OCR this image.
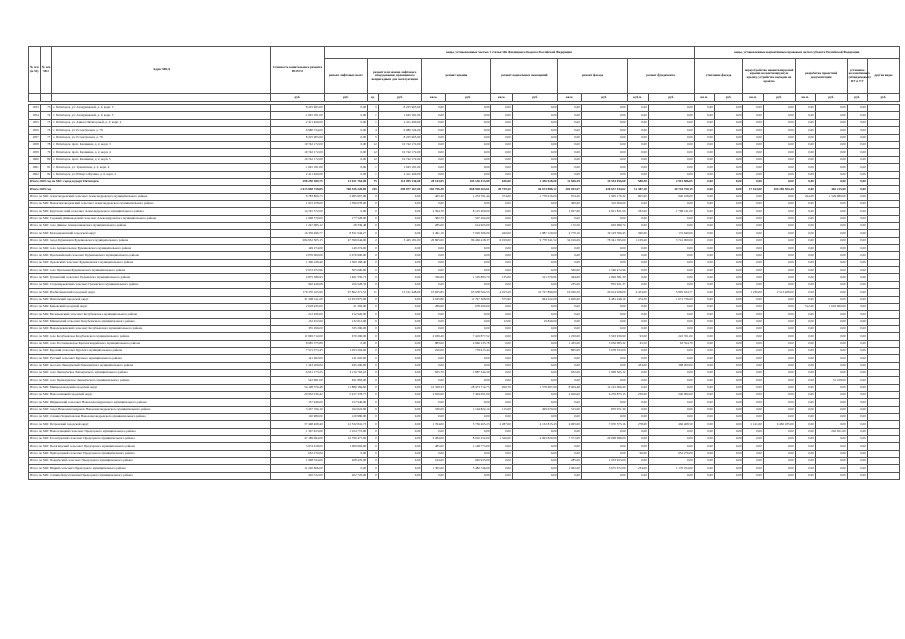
№ п/п (н-52)	№ п/п МО	Адрес МКД	Стоимость капитального ремонта ВСЕГО	виды, установленные частью 1 статьи 166 Жилищного Кодекса Российской Федерации											виды, установленные нормативным правовым актом субъекта Российской Федерации							
				ремонт лифтовых шахт	ремонт или замена лифтового оборудования, признанного непригодным для эксплуатации		ремонт крыши		ремонт подвальных помещений		ремонт фасада		ремонт фундамента		утепление фасада		переустройство невентилируемой крыши на вентилируемую крышу, устройство выходов на кровлю		разработка проектной документации		установка коллективных (общедомовых) ПУ и УУ	другие виды
			руб.	руб.	ед.	руб.	кв.м.	руб.	кв.м.	руб.	кв.м.	руб.	куб.м.	руб.	кв.м.	руб.	кв.м.	руб.	кв.м.	руб.	руб.	руб.

1953	73	г. Пятигорск, ул. Аллаудиновой, д. 6, корп. 3	8 225 905,00	0,00	5	8 225 905,00	0,00	0,00	0,00	0,00	0,00	0,00	0,00	0,00	0,00	0,00	0,00	0,00	0,00	0,00	0,00	
1954	74	г. Пятигорск, ул. Аллаудиновой, д. 6, корп. 5	1 645 181,00	0,00	1	1 645 181,00	0,00	0,00	0,00	0,00	0,00	0,00	0,00	0,00	0,00	0,00	0,00	0,00	0,00	0,00	0,00	
1955	75	г. Пятигорск, ул. Анисы Пятигорской, д. 3, корп. 2	2 411 400,00	0,00	1	2 411 400,00	0,00	0,00	0,00	0,00	0,00	0,00	0,00	0,00	0,00	0,00	0,00	0,00	0,00	0,00	0,00	
1956	76	г. Пятигорск, ул. Ессентукская, д. 78	6 980 724,00	0,00	4	6 980 724,00	0,00	0,00	0,00	0,00	0,00	0,00	0,00	0,00	0,00	0,00	0,00	0,00	0,00	0,00	0,00	
1957	77	г. Пятигорск, ул. Ессентукская, д. 78	8 225 905,00	0,00	5	8 225 905,00	0,00	0,00	0,00	0,00	0,00	0,00	0,00	0,00	0,00	0,00	0,00	0,00	0,00	0,00	0,00	
1958	78	г. Пятигорск, прсп. Калинина, д. 2, корп. 3	19 742 172,00	0,00	12	19 742 172,00	0,00	0,00	0,00	0,00	0,00	0,00	0,00	0,00	0,00	0,00	0,00	0,00	0,00	0,00	0,00	
1959	79	г. Пятигорск, прсп. Калинина, д. 2, корп. 4	19 742 172,00	0,00	12	19 742 172,00	0,00	0,00	0,00	0,00	0,00	0,00	0,00	0,00	0,00	0,00	0,00	0,00	0,00	0,00	0,00	
1960	80	г. Пятигорск, прсп. Калинина, д. 2, корп. 5	19 742 172,00	0,00	12	19 742 172,00	0,00	0,00	0,00	0,00	0,00	0,00	0,00	0,00	0,00	0,00	0,00	0,00	0,00	0,00	0,00	
1961	81	г. Пятигорск, ул. Транзитная, д. 2, корп. 4	1 645 181,00	0,00	1	1 645 181,00	0,00	0,00	0,00	0,00	0,00	0,00	0,00	0,00	0,00	0,00	0,00	0,00	0,00	0,00	0,00	
1962	82	г. Пятигорск, ул. Юлиуса Фучика, д. 6, корп. 2	2 411 400,00	0,00	1	2 411 400,00	0,00	0,00	0,00	0,00	0,00	0,00	0,00	0,00	0,00	0,00	0,00	0,00	0,00	0,00	0,00	
Итого 2029 год по МО: город-курорт Пятигорск			298 250 380,75	13 921 764,00	75	114 095 136,00	28 143,05	105 136 413,89	636,00	1 436 928,00	11 836,39	19 554 056,60	588,38	2 915 586,65	0,00	0,00	0,00	0,00	0,00	0,00	0,00	
Итого 2029 год			2 613 848 728,89	768 356 228,89	249	490 877 167,00	282 756,38	868 948 263,61	28 739,20	60 674 888,12	204 943,97	426 637 544,62	12 387,28	30 744 750,19	0,00	0,00	17 164,00	169 285 384,49	0,00	482 215,00	0,00	
Итого по МО: Александровский сельсовет Александровского муниципального района			9 783 806,73	2 085 967,00	0	0,00	465,30	1 233 791,44	374,00	1 778 616,00	974,20	1 995 170,32	805,00	940 108,00	0,00	0,00	0,00	0,00	224,00	1 549 980,00	0,00	
Итого по МО: Новоалександровский сельсовет Александровского муниципального района			1 915 078,00	1 599 078,00	0	0,00	0,00	0,00	0,00	0,00	400,00	316 000,00	0,00	0,00	0,00	0,00	0,00	0,00	0,00	0,00	0,00	
Итого по МО: Круглолесский сельсовет Александровского муниципального района			14 745 372,00	0,00	0	0,00	2 394,70	8 125 400,00	0,00	0,00	1 927,60	4 821 831,00	332,00	1 798 141,00	0,00	0,00	0,00	0,00	0,00	0,00	0,00	
Итого по МО: Садовый-Дивноводский сельсовет Александровского муниципального района			1 098 579,00	177 528,00	0	0,00	382,70	567 264,00	0,00	0,00	0,00	0,00	0,00	0,00	0,00	0,00	0,00	0,00	0,00	0,00	0,00	
Итого по МО: село Дивное Апанасенковского муниципального района			1 247 085,12	28 339,48	0	0,00	285,00	614 665,00	0,00	0,00	172,50	603 080,74	0,00	0,00	0,00	0,00	0,00	0,00	0,00	0,00	0,00	
Итого по МО: Благодарненский городской округ			16 339 496,77	8 811 944,27	0	0,00	2 491,10	7 029 396,00	426,00	1 887 120,00	4 770,10	10 193 396,45	360,00	172 640,00	0,00	0,00	0,00	0,00	0,00	0,00	0,00	
Итого по МО: город Буденновск Буденновского муниципального района			284 952 505,15	47 399 644,00	2	3 445 181,00	20 865,00	86 466 418,37	6 019,00	9 778 541,52	34 016,09	78 341 395,00	1 109,40	3 741 000,00	0,00	0,00	0,00	0,00	0,00	0,00	0,00	
Итого по МО: село Архангельское Буденновского муниципального района			149 274,00	149 274,00	0	0,00	0,00	0,00	0,00	0,00	0,00	0,00	0,00	0,00	0,00	0,00	0,00	0,00	0,00	0,00	0,00	
Итого по МО: Прасковейский сельсовет Буденновского муниципального района			2 076 900,00	2 076 900,00	0	0,00	0,00	0,00	0,00	0,00	0,00	0,00	0,00	0,00	0,00	0,00	0,00	0,00	0,00	0,00	0,00	
Итого по МО: Орловский сельсовет Буденновского муниципального района			1 300 168,40	1 300 168,40	0	0,00	0,00	0,00	0,00	0,00	0,00	0,00	0,00	0,00	0,00	0,00	0,00	0,00	0,00	0,00	0,00	
Итого по МО: село Прасковея Буденновского муниципального района			2 072 072,96	505 600,00	0	0,00	0,00	0,00	0,00	0,00	506,00	1 566 472,96	0,00	0,00	0,00	0,00	0,00	0,00	0,00	0,00	0,00	
Итого по МО: Грачевский сельсовет Грачевского муниципального района			4 875 386,93	1 461 559,73	0	0,00	336,00	1 195 883,70	135,00	311 370,00	444,00	1 826 581,30	0,00	0,00	0,00	0,00	0,00	0,00	0,00	0,00	0,00	
Итого по МО: Старомарьевский сельсовет Грачевского муниципального района			962 449,68	106 528,33	0	0,00	0,00	0,00	0,00	0,00	235,00	855 921,37	0,00	0,00	0,00	0,00	0,00	0,00	0,00	0,00	0,00	
Итого по МО: Изобильненский городской округ			179 370 105,90	67 862 271,53	11	13 101 448,00	10 825,85	65 938 564,55	4 223,20	10 727 899,00	16 036,50	20 914 028,00	4 454,00	5 805 634,77	0,00	0,00	1 236,00	2 513 408,00	0,00	0,00	0,00	
Итого по МО: Ипатовский городской округ			31 308 411,60	12 053 875,00	0	0,00	2 935,80	11 797 368,00	575,90	964 222,00	2 600,00	4 481 248,16	474,30	1 071 736,00	0,00	0,00	0,00	0,00	0,00	0,00	0,00	
Итого по МО: Кировский городской округ			2 018 935,00	21 395,00	0	0,00	286,00	678 260,00	0,00	0,00	0,00	0,00	0,00	0,00	0,00	0,00	0,00	0,00	512,00	1 603 960,00	0,00	
Итого по МО: Васильевский сельсовет Кочубеевского муниципального района			212 920,00	212 920,00	0	0,00	0,00	0,00	0,00	0,00	0,00	0,00	0,00	0,00	0,00	0,00	0,00	0,00	0,00	0,00	0,00	
Итого по МО: Мищенский сельсовет Кочубеевского муниципального района			152 452,00	132 612,00	0	0,00	0,00	0,00	12,00	19 840,00	0,00	0,00	0,00	0,00	0,00	0,00	0,00	0,00	0,00	0,00	0,00	
Итого по МО: Новодеревенский сельсовет Кочубеевского муниципального района			335 296,00	335 296,00	0	0,00	0,00	0,00	0,00	0,00	0,00	0,00	0,00	0,00	0,00	0,00	0,00	0,00	0,00	0,00	0,00	
Итого по МО: село Кочубеевское Кочубеевского муниципального района			11 849 712,00	679 296,00	0	0,00	2 039,40	7 419 877,52	0,00	0,00	1 250,00	3 563 036,90	93,00	222 761,00	0,00	0,00	0,00	0,00	0,00	0,00	0,00	
Итого по МО: село Ростовановское Красногвардейского муниципального района			8 085 575,89	0,00	0	0,00	883,00	2 966 135,78	0,00	0,00	1 435,00	5 056 085,32	45,50	63 354,79	0,00	0,00	0,00	0,00	0,00	0,00	0,00	
Итого по МО: Курский сельсовет Курского муниципального района			7 515 373,45	1 053 204,60	0	0,00	226,00	778 615,44	0,00	0,00	895,00	5 678 553,00	0,00	0,00	0,00	0,00	0,00	0,00	0,00	0,00	0,00	
Итого по МО: Русский сельсовет Курского муниципального района			141 602,00	141 602,00	0	0,00	0,00	0,00	0,00	0,00	0,00	0,00	0,00	0,00	0,00	0,00	0,00	0,00	0,00	0,00	0,00	
Итого по МО: поселок Левокумский Левокумского муниципального района			1 343 206,00	945 206,00	0	0,00	0,00	0,00	0,00	0,00	0,00	0,00	434,00	398 200,00	0,00	0,00	0,00	0,00	0,00	0,00	0,00	
Итого по МО: село Левокумское Левокумского муниципального района			6 951 173,25	3 116 763,43	0	0,00	835,70	1 887 344,39	0,00	0,00	932,00	1 909 565,12	0,00	0,00	0,00	0,00	0,00	0,00	0,00	0,00	0,00	
Итого по МО: село Правокумское Левокумского муниципального района			522 991,00	491 883,00	0	0,00	0,00	0,00	0,00	0,00	0,00	0,00	0,00	0,00	0,00	0,00	0,00	0,00	0,00	31 108,00	0,00	
Итого по МО: Минераловодский городской округ			54 108 376,48	11 889 184,60	0	0,00	10 328,33	28 473 714,75	926,79	1 578 487,90	8 004,48	12 191 006,40	0,00	0,00	0,00	0,00	0,00	0,00	0,00	0,00	0,00	
Итого по МО: Новоселицкий городской округ			20 932 236,42	5 917 378,77	0	0,00	2 626,00	7 494 001,00	0,00	0,00	2 626,00	6 276 873,15	230,00	240 000,00	0,00	0,00	0,00	0,00	0,00	0,00	0,00	
Итого по МО: Ширковский сельсовет Новоалександровского муниципального района			157 946,00	157 946,00	0	0,00	0,00	0,00	0,00	0,00	0,00	0,00	0,00	0,00	0,00	0,00	0,00	0,00	0,00	0,00	0,00	
Итого по МО: город Новоалександровск Новоалександровского муниципального района			3 437 766,10	162 022,66	0	0,00	336,00	1 164 822,14	115,00	209 070,00	515,00	870 971,30	0,00	0,00	0,00	0,00	0,00	0,00	0,00	0,00	0,00	
Итого по МО: станица Черниговская Новоалександровского муниципального района			120 980,00	120 980,00	0	0,00	0,00	0,00	0,00	0,00	0,00	0,00	0,00	0,00	0,00	0,00	0,00	0,00	0,00	0,00	0,00	
Итого по МО: Петровский городской округ			37 468 468,40	12 532 841,73	0	0,00	1 764,00	5 736 265,23	2 287,00	4 132 815,43	2 005,00	7 970 375,16	278,00	466 408,50	0,00	0,00	1 141,00	6 482 185,00	0,00	0,00	0,00	
Итого по МО: Новоселицкий сельсовет Предгорного муниципального района			1 367 423,00	1 104 772,00	0	0,00	0,00	0,00	0,00	0,00	0,00	0,00	0,00	0,00	0,00	0,00	0,00	0,00	0,00	262 651,00	0,00	
Итого по МО: Ессентукский сельсовет Предгорного муниципального района			47 189 994,00	10 790 477,00	0	0,00	2 284,00	8 610 252,00	1 326,00	4 693 820,00	7 571,00	20 098 086,00	0,00	0,00	0,00	0,00	0,00	0,00	0,00	0,00	0,00	
Итого по МО: Пелагиадский сельсовет Предгорного муниципального района			3 674 618,00	1 069 994,00	0	0,00	485,00	1 148 773,00	0,00	0,00	0,00	0,00	0,00	0,00	0,00	0,00	0,00	0,00	0,00	0,00	0,00	
Итого по МО: Пригородный сельсовет Предгорного муниципального района			652 276,00	0,00	0	0,00	0,00	0,00	0,00	0,00	0,00	0,00	96,00	652 276,00	0,00	0,00	0,00	0,00	0,00	0,00	0,00	
Итого по МО: Подкумский сельсовет Предгорного муниципального района			1 908 334,00	208 476,00	0	0,00	194,00	665 935,00	0,00	0,00	285,00	1 033 923,00	0,00	0,00	0,00	0,00	0,00	0,00	0,00	0,00	0,00	
Итого по МО: Юцкий сельсовет Предгорного муниципального района			11 220 606,00	0,00	0	0,00	1 305,00	5 482 746,00	0,00	0,00	1 962,00	3 675 672,00	234,00	1 170 254,00	0,00	0,00	0,00	0,00	0,00	0,00	0,00	
Итого по МО: станица Бергутеевская Предгорного муниципального района			202 722,00	202 722,00	0	0,00	0,00	0,00	0,00	0,00	0,00	0,00	0,00	0,00	0,00	0,00	0,00	0,00	0,00	0,00	0,00	
